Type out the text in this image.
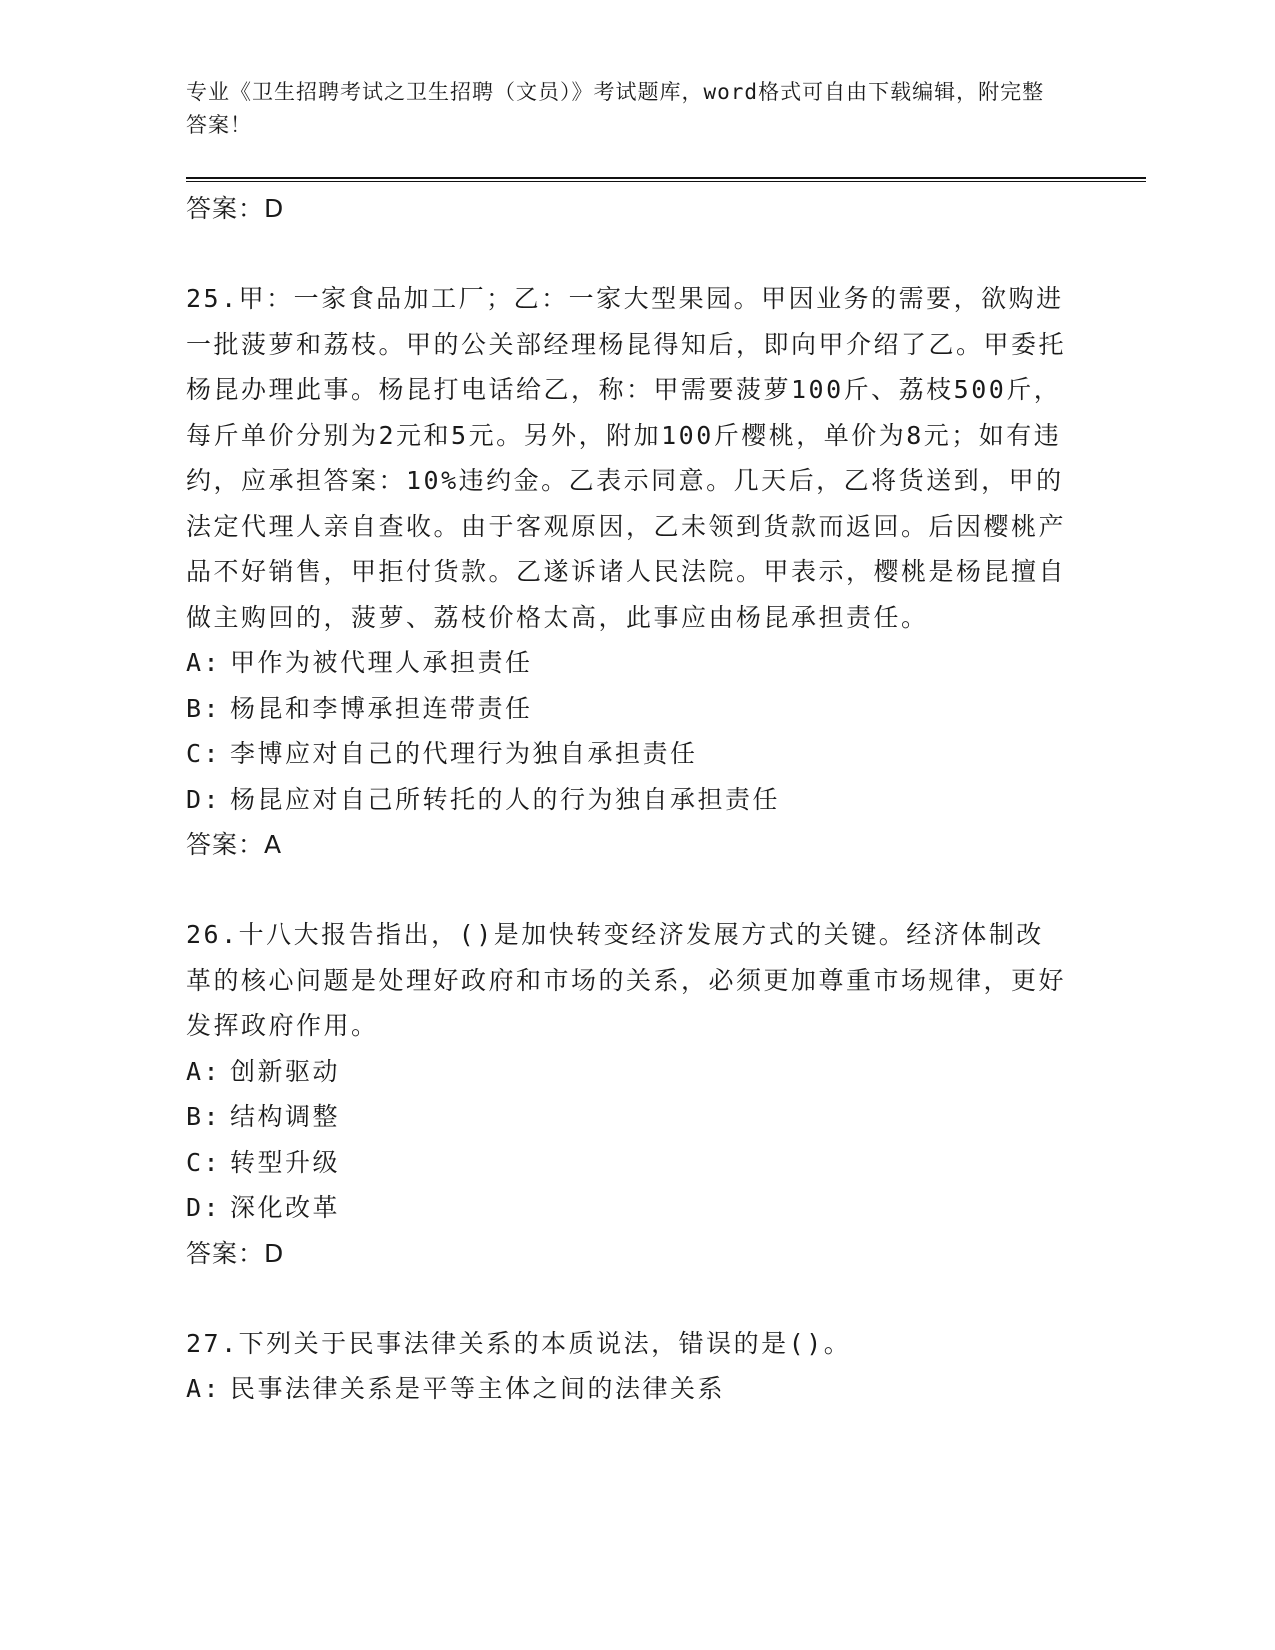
专业《卫生招聘考试之卫生招聘（文员）》考试题库，word格式可自由下载编辑，附完整答案！

答案：D

25.甲：一家食品加工厂；乙：一家大型果园。甲因业务的需要，欲购进一批菠萝和荔枝。甲的公关部经理杨昆得知后，即向甲介绍了乙。甲委托杨昆办理此事。杨昆打电话给乙，称：甲需要菠萝100斤、荔枝500斤，每斤单价分别为2元和5元。另外，附加100斤樱桃，单价为8元；如有违约，应承担答案：10%违约金。乙表示同意。几天后，乙将货送到，甲的法定代理人亲自查收。由于客观原因，乙未领到货款而返回。后因樱桃产品不好销售，甲拒付货款。乙遂诉诸人民法院。甲表示，樱桃是杨昆擅自做主购回的，菠萝、荔枝价格太高，此事应由杨昆承担责任。

A: 甲作为被代理人承担责任
B: 杨昆和李博承担连带责任
C: 李博应对自己的代理行为独自承担责任
D: 杨昆应对自己所转托的人的行为独自承担责任

答案：A

26.十八大报告指出，()是加快转变经济发展方式的关键。经济体制改革的核心问题是处理好政府和市场的关系，必须更加尊重市场规律，更好发挥政府作用。

A: 创新驱动
B: 结构调整
C: 转型升级
D: 深化改革

答案：D

27.下列关于民事法律关系的本质说法，错误的是()。

A: 民事法律关系是平等主体之间的法律关系
